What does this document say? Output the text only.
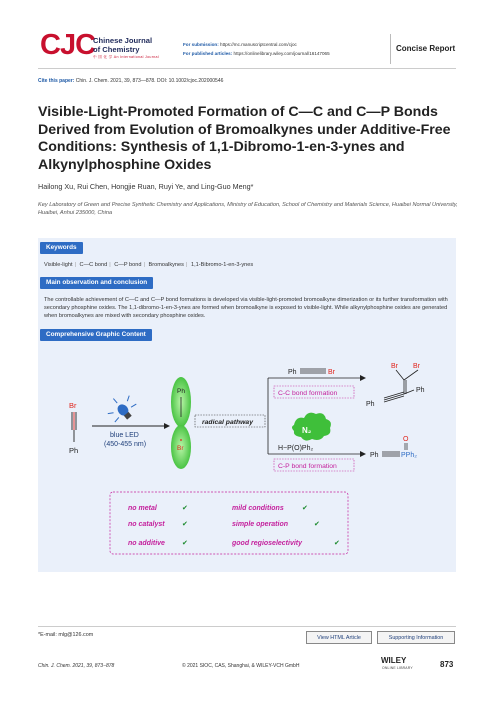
CJC
Chinese Journal
of Chemistry
中 国 化 学 An International Journal
For submission: https://mc.manuscriptcentral.com/cjoc
For published articles: https://onlinelibrary.wiley.com/journal/16147065
Concise Report
Cite this paper: Chin. J. Chem. 2021, 39, 873—878. DOI: 10.1002/cjoc.202000546
Visible-Light-Promoted Formation of C—C and C—P Bonds Derived from Evolution of Bromoalkynes under Additive-Free Conditions: Synthesis of 1,1-Dibromo-1-en-3-ynes and Alkynylphosphine Oxides
Hailong Xu, Rui Chen, Hongjie Ruan, Ruyi Ye, and Ling-Guo Meng*
Key Laboratory of Green and Precise Synthetic Chemistry and Applications, Ministry of Education, School of Chemistry and Materials Science, Huaibei Normal University, Huaibei, Anhui 235000, China
Keywords
Visible-light | C—C bond | C—P bond | Bromoalkynes | 1,1-Bibromo-1-en-3-ynes
Main observation and conclusion
The controllable achievement of C—C and C—P bond formations is developed via visible-light-promoted bromoalkyne dimerization or its further transformation with secondary phosphine oxides. The 1,1-dibromo-1-en-3-ynes are formed when bromoalkyne is exposed to visible-light. While alkynylphosphine oxides are generated when bromoalkynes are mixed with secondary phosphine oxides.
Comprehensive Graphic Content
Br
Ph
blue LED
(450-455 nm)
Ph
Br
radical pathway
Ph	Br
C-C bond formation
N₂
H−P(O)Ph₂
C-P bond formation
Br Br
Ph
Ph
Ph	PPh₂
O
no metal
no catalyst
no additive
✔
✔
✔
mild conditions
simple operation
good regioselectivity
✔
✔
✔
*E-mail: mlg@126.com	View HTML Article	Supporting Information
Chin. J. Chem. 2021, 39, 873−878	© 2021 SIOC, CAS, Shanghai, & WILEY-VCH GmbH
WILEY
ONLINE LIBRARY	873
